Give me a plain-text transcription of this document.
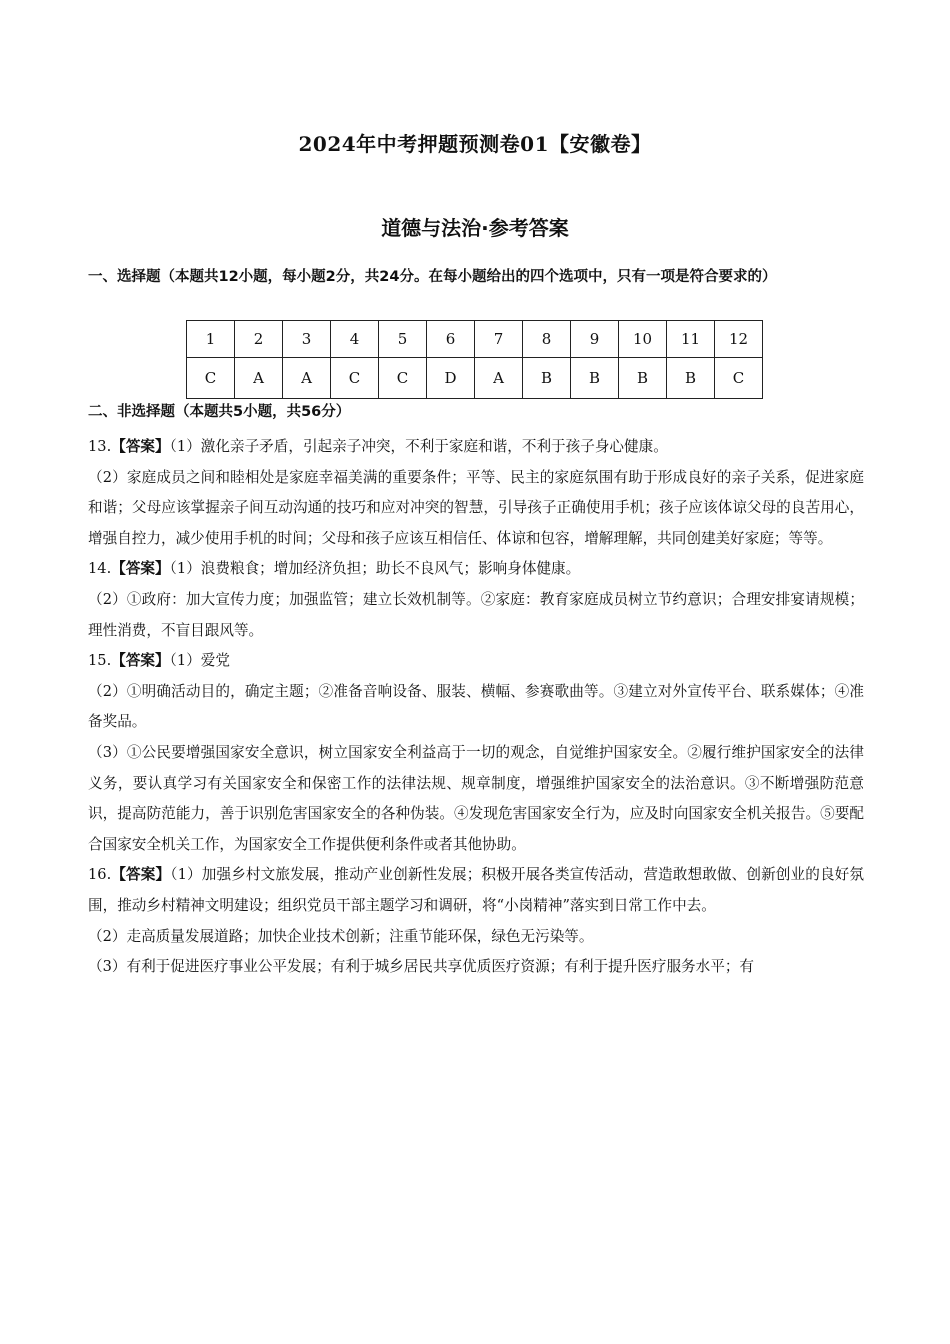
2024年中考押题预测卷01【安徽卷】
道德与法治·参考答案
一、选择题（本题共12小题，每小题2分，共24分。在每小题给出的四个选项中，只有一项是符合要求的）
1	2	3	4	5	6	7	8	9	10	11	12
C	A	A	C	C	D	A	B	B	B	B	C
二、非选择题（本题共5小题，共56分）

13.【答案】（1）激化亲子矛盾，引起亲子冲突，不利于家庭和谐，不利于孩子身心健康。

（2）家庭成员之间和睦相处是家庭幸福美满的重要条件；平等、民主的家庭氛围有助于形成良好的亲子关系，促进家庭和谐；父母应该掌握亲子间互动沟通的技巧和应对冲突的智慧，引导孩子正确使用手机；孩子应该体谅父母的良苦用心，增强自控力，减少使用手机的时间；父母和孩子应该互相信任、体谅和包容，增解理解，共同创建美好家庭；等等。

14.【答案】（1）浪费粮食；增加经济负担；助长不良风气；影响身体健康。

（2）①政府：加大宣传力度；加强监管；建立长效机制等。②家庭：教育家庭成员树立节约意识；合理安排宴请规模；理性消费，不盲目跟风等。

15.【答案】（1）爱党

（2）①明确活动目的，确定主题；②准备音响设备、服装、横幅、参赛歌曲等。③建立对外宣传平台、联系媒体；④准备奖品。

（3）①公民要增强国家安全意识，树立国家安全利益高于一切的观念，自觉维护国家安全。②履行维护国家安全的法律义务，要认真学习有关国家安全和保密工作的法律法规、规章制度，增强维护国家安全的法治意识。③不断增强防范意识，提高防范能力，善于识别危害国家安全的各种伪装。④发现危害国家安全行为，应及时向国家安全机关报告。⑤要配合国家安全机关工作，为国家安全工作提供便利条件或者其他协助。

16.【答案】（1）加强乡村文旅发展，推动产业创新性发展；积极开展各类宣传活动，营造敢想敢做、创新创业的良好氛围，推动乡村精神文明建设；组织党员干部主题学习和调研，将“小岗精神”落实到日常工作中去。

（2）走高质量发展道路；加快企业技术创新；注重节能环保，绿色无污染等。

（3）有利于促进医疗事业公平发展；有利于城乡居民共享优质医疗资源；有利于提升医疗服务水平；有
